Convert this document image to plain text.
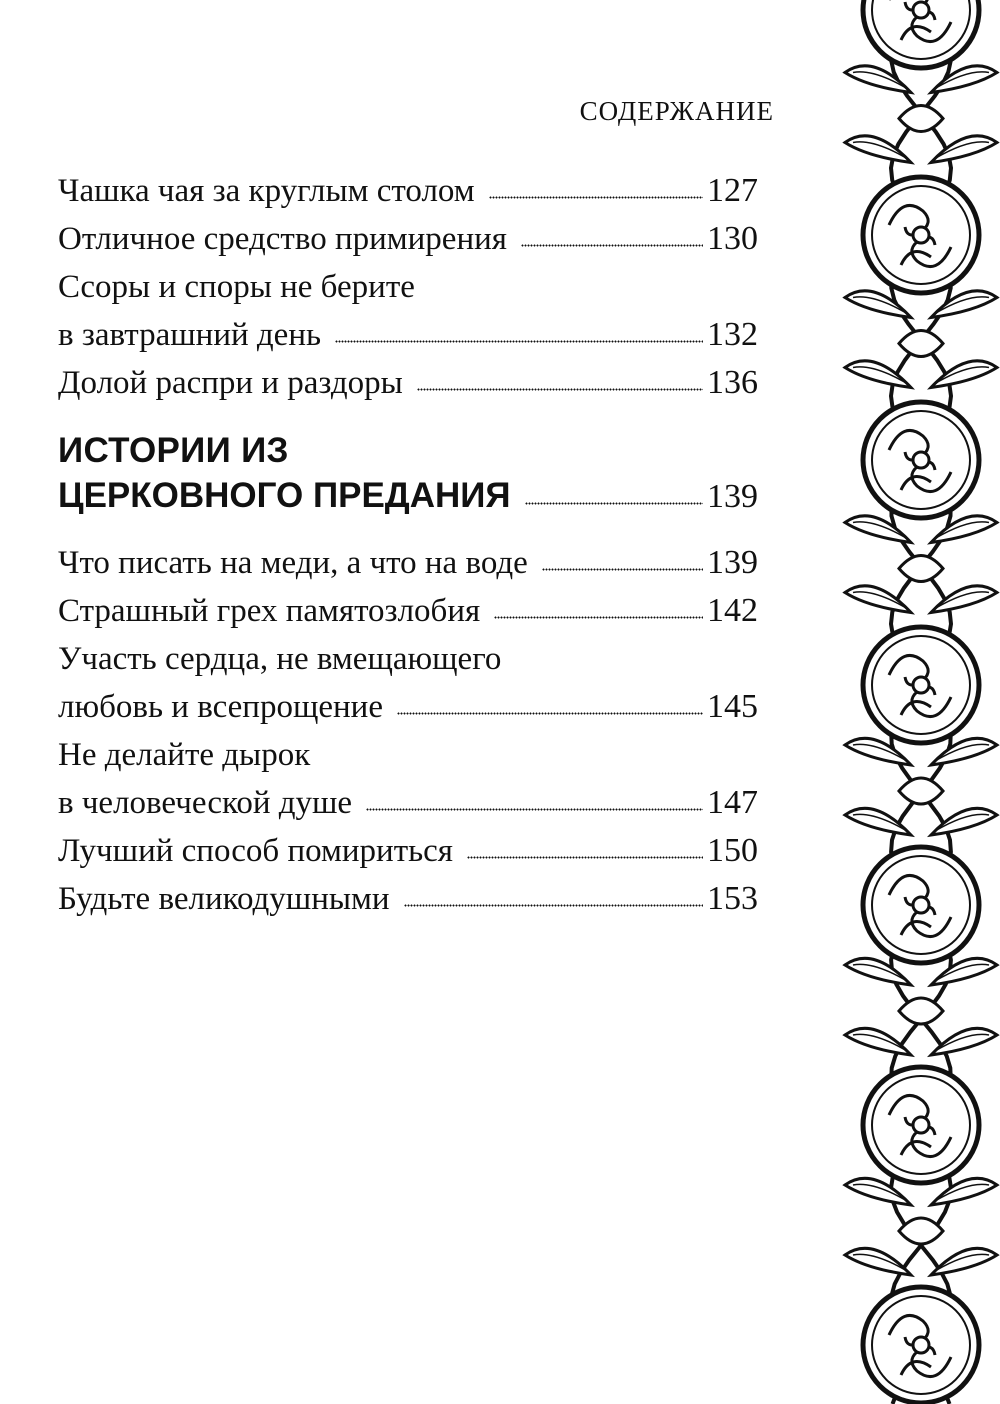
СОДЕРЖАНИЕ
Чашка чая за круглым столом	127
Отличное средство примирения	130
Ссоры и споры не берите
в завтрашний день	132
Долой распри и раздоры	136
ИСТОРИИ ИЗ
ЦЕРКОВНОГО ПРЕДАНИЯ	139
Что писать на меди, а что на воде	139
Страшный грех памятозлобия	142
Участь сердца, не вмещающего
любовь и всепрощение	145
Не делайте дырок
в человеческой душе	147
Лучший способ помириться	150
Будьте великодушными	153
